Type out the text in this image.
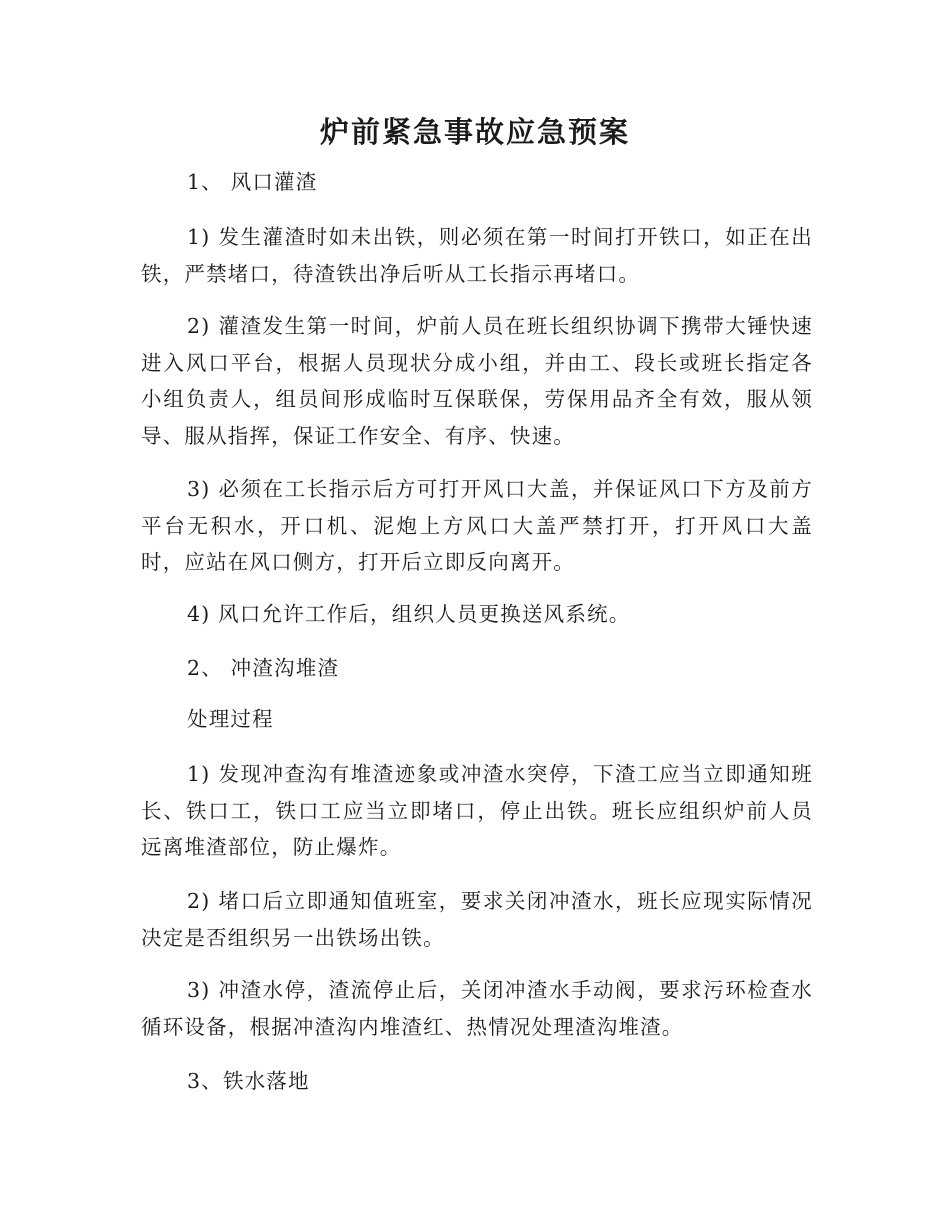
炉前紧急事故应急预案
1、 风口灌渣
1) 发生灌渣时如未出铁，则必须在第一时间打开铁口，如正在出铁，严禁堵口，待渣铁出净后听从工长指示再堵口。
2) 灌渣发生第一时间，炉前人员在班长组织协调下携带大锤快速进入风口平台，根据人员现状分成小组，并由工、段长或班长指定各小组负责人，组员间形成临时互保联保，劳保用品齐全有效，服从领导、服从指挥，保证工作安全、有序、快速。
3) 必须在工长指示后方可打开风口大盖，并保证风口下方及前方平台无积水，开口机、泥炮上方风口大盖严禁打开，打开风口大盖时，应站在风口侧方，打开后立即反向离开。
4) 风口允许工作后，组织人员更换送风系统。
2、 冲渣沟堆渣
处理过程
1) 发现冲查沟有堆渣迹象或冲渣水突停，下渣工应当立即通知班长、铁口工，铁口工应当立即堵口，停止出铁。班长应组织炉前人员远离堆渣部位，防止爆炸。
2) 堵口后立即通知值班室，要求关闭冲渣水，班长应现实际情况决定是否组织另一出铁场出铁。
3) 冲渣水停，渣流停止后，关闭冲渣水手动阀，要求污环检查水循环设备，根据冲渣沟内堆渣红、热情况处理渣沟堆渣。
3、铁水落地
